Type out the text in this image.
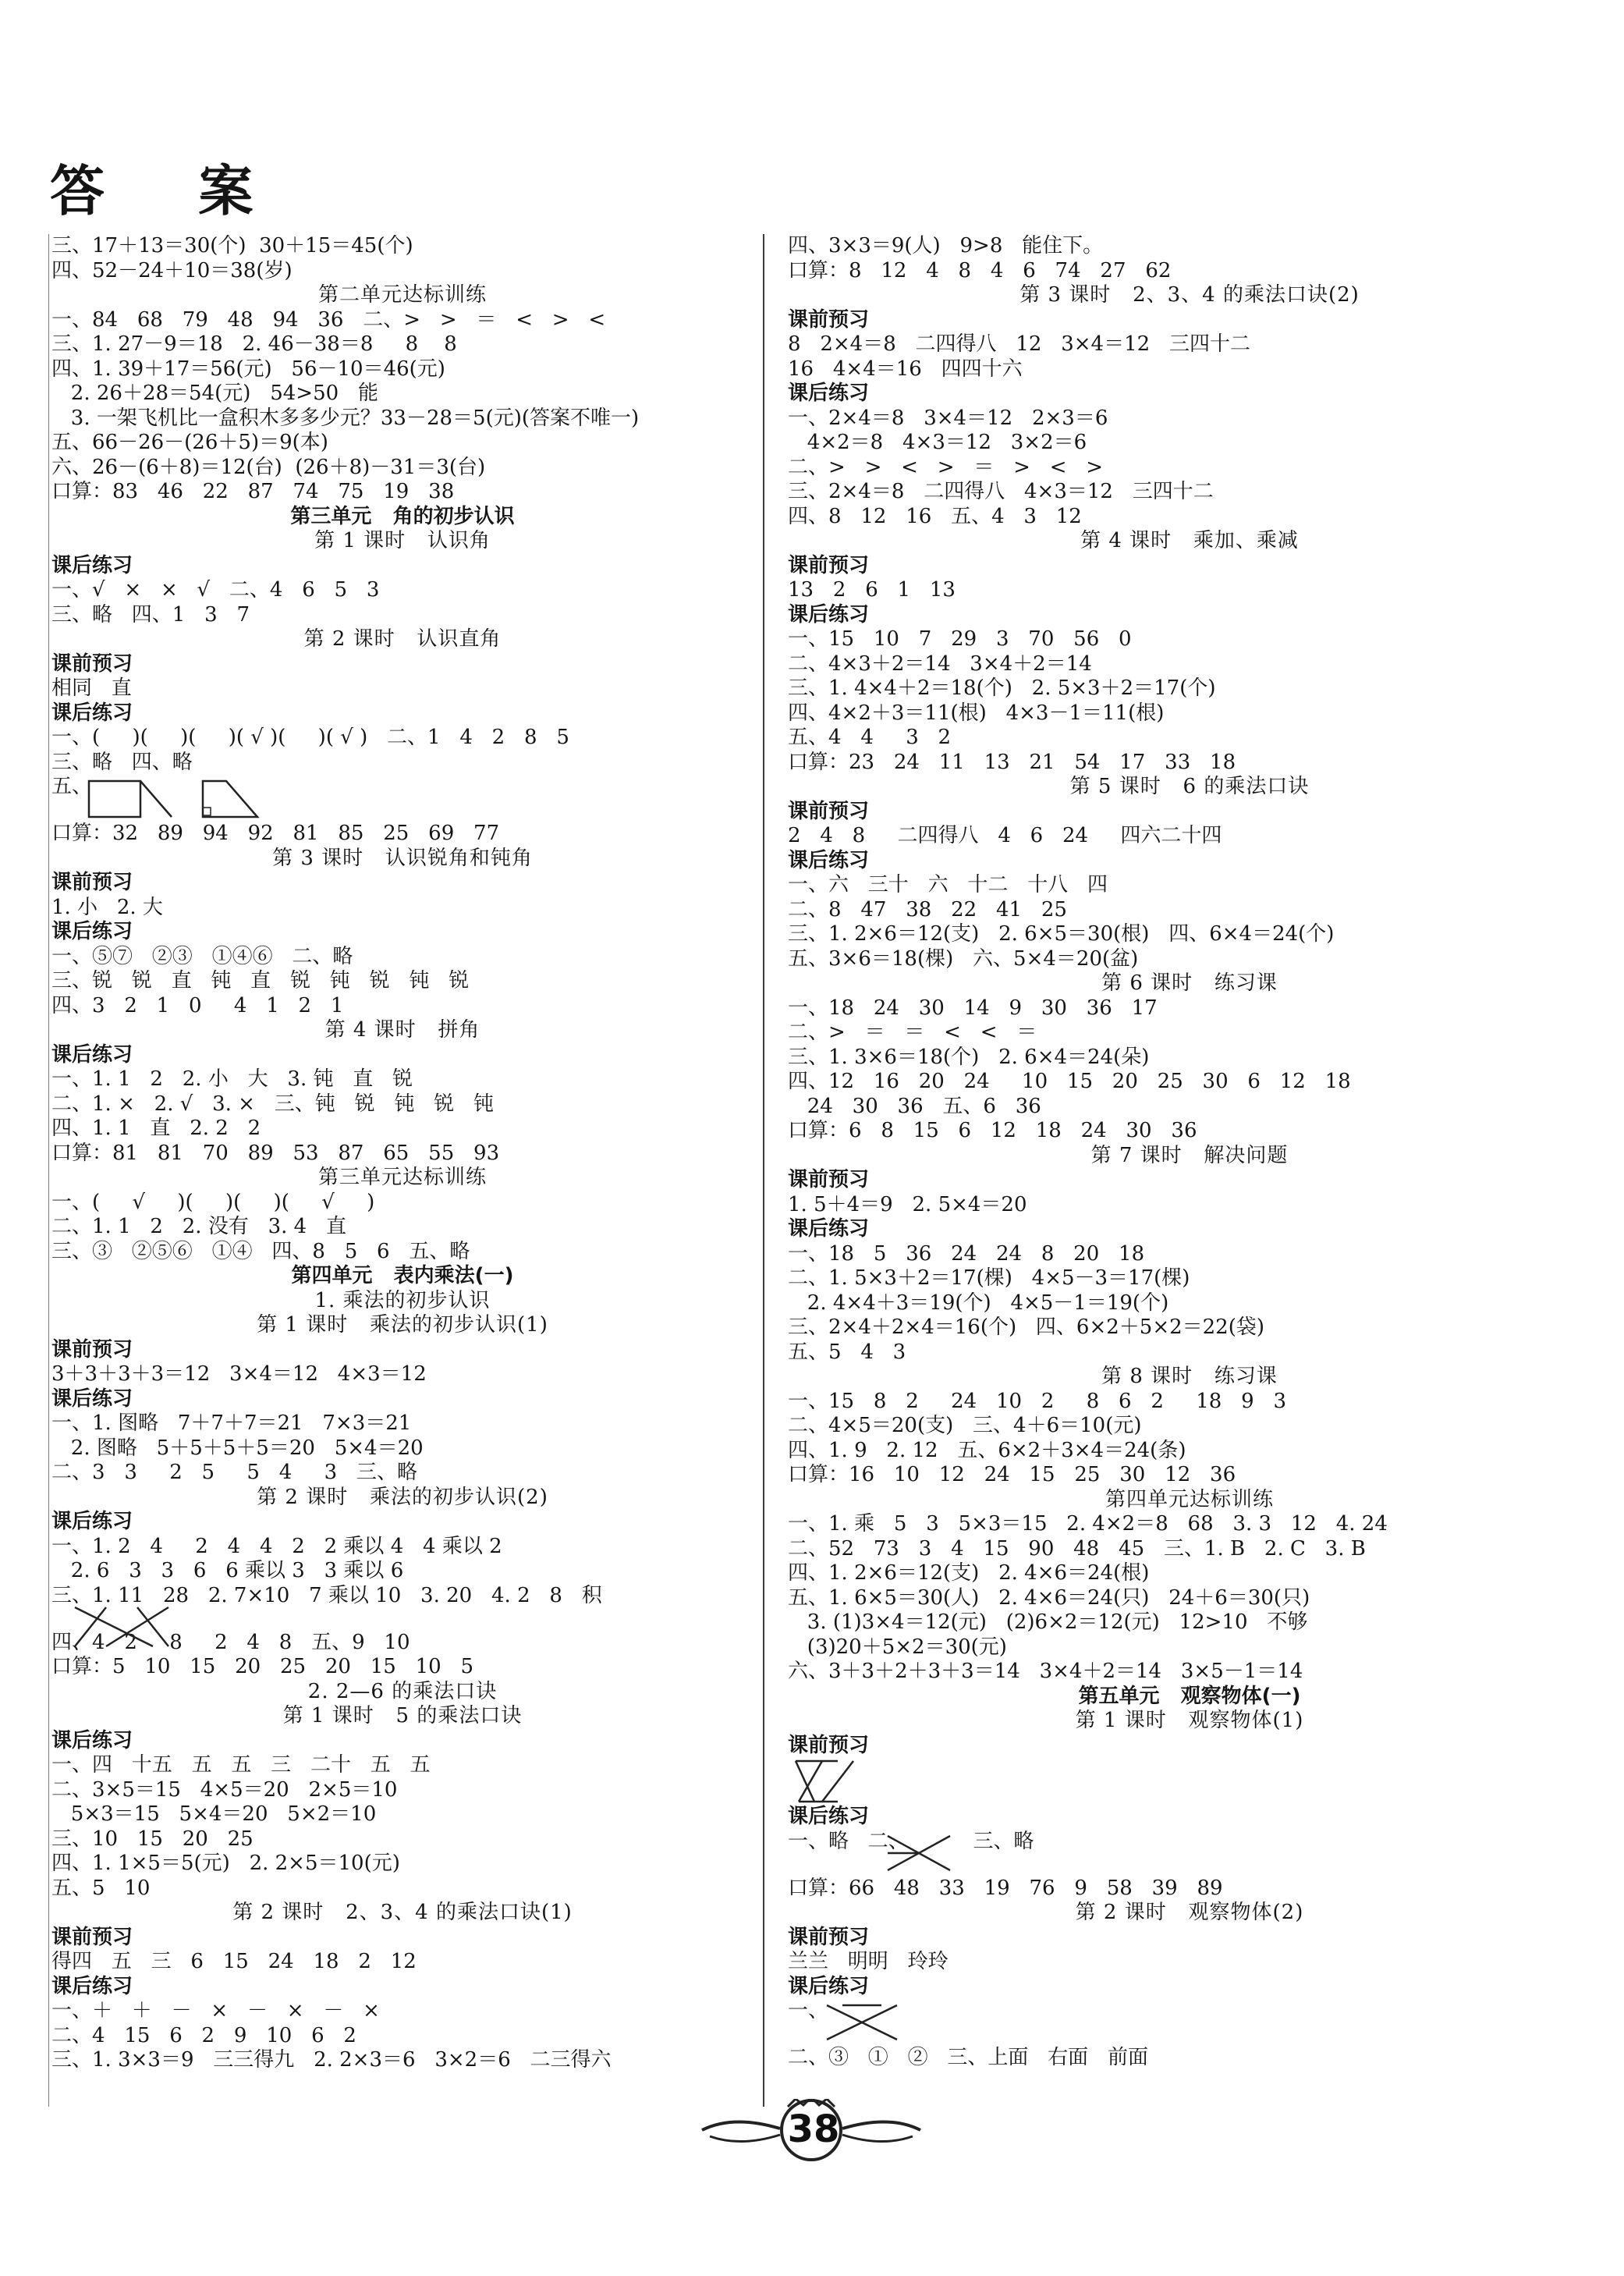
答 案
三、17＋13＝30(个)  30＋15＝45(个)
四、52－24＋10＝38(岁)
第二单元达标训练
一、84   68   79   48   94   36   二、>   >   ＝   <   >   <
三、1. 27－9＝18   2. 46－38＝8     8    8
四、1. 39＋17＝56(元)   56－10＝46(元)
2. 26＋28＝54(元)   54>50   能
3. 一架飞机比一盒积木多多少元？33－28＝5(元)(答案不唯一)
五、66－26－(26＋5)＝9(本)
六、26－(6＋8)＝12(台)  (26＋8)－31＝3(台)
口算：83   46   22   87   74   75   19   38
第三单元   角的初步认识
第 1 课时   认识角
课后练习
一、√   ×   ×   √   二、4   6   5   3
三、略   四、1   3   7
第 2 课时   认识直角
课前预习
相同   直
课后练习
一、(     )(     )(     )( √ )(     )( √ )   二、1   4   2   8   5
三、略   四、略
五、
口算：32   89   94   92   81   85   25   69   77
第 3 课时   认识锐角和钝角
课前预习
1. 小   2. 大
课后练习
一、⑤⑦   ②③   ①④⑥   二、略
三、锐   锐   直   钝   直   锐   钝   锐   钝   锐
四、3   2   1   0     4   1   2   1
第 4 课时   拼角
课后练习
一、1. 1   2   2. 小   大   3. 钝   直   锐
二、1. ×   2. √   3. ×   三、钝   锐   钝   锐   钝
四、1. 1   直   2. 2   2
口算：81   81   70   89   53   87   65   55   93
第三单元达标训练
一、(     √     )(     )(     )(     √     )
二、1. 1   2   2. 没有   3. 4   直
三、③   ②⑤⑥   ①④   四、8   5   6   五、略
第四单元   表内乘法(一)
1. 乘法的初步认识
第 1 课时   乘法的初步认识(1)
课前预习
3＋3＋3＋3＝12   3×4＝12   4×3＝12
课后练习
一、1. 图略   7＋7＋7＝21   7×3＝21
2. 图略   5＋5＋5＋5＝20   5×4＝20
二、3   3     2   5     5   4     3   三、略
第 2 课时   乘法的初步认识(2)
课后练习
一、1. 2   4     2   4   4   2   2 乘以 4   4 乘以 2
2. 6   3   3   6   6 乘以 3   3 乘以 6
三、1. 11   28   2. 7×10   7 乘以 10   3. 20   4. 2   8   积
四、4   2     8     2   4   8   五、9   10
口算：5   10   15   20   25   20   15   10   5
2. 2—6 的乘法口诀
第 1 课时   5 的乘法口诀
课后练习
一、四   十五   五   五   三   二十   五   五
二、3×5＝15   4×5＝20   2×5＝10
5×3＝15   5×4＝20   5×2＝10
三、10   15   20   25
四、1. 1×5＝5(元)   2. 2×5＝10(元)
五、5   10
第 2 课时   2、3、4 的乘法口诀(1)
课前预习
得四   五   三   6   15   24   18   2   12
课后练习
一、＋   ＋   －   ×   －   ×   －   ×
二、4   15   6   2   9   10   6   2
三、1. 3×3＝9   三三得九   2. 2×3＝6   3×2＝6   二三得六
四、3×3＝9(人)   9>8   能住下。
口算：8   12   4   8   4   6   74   27   62
第 3 课时   2、3、4 的乘法口诀(2)
课前预习
8   2×4＝8   二四得八   12   3×4＝12   三四十二
16   4×4＝16   四四十六
课后练习
一、2×4＝8   3×4＝12   2×3＝6
4×2＝8   4×3＝12   3×2＝6
二、>   >   <   >   ＝   >   <   >
三、2×4＝8   二四得八   4×3＝12   三四十二
四、8   12   16   五、4   3   12
第 4 课时   乘加、乘减
课前预习
13   2   6   1   13
课后练习
一、15   10   7   29   3   70   56   0
二、4×3＋2＝14   3×4＋2＝14
三、1. 4×4＋2＝18(个)   2. 5×3＋2＝17(个)
四、4×2＋3＝11(根)   4×3－1＝11(根)
五、4   4     3   2
口算：23   24   11   13   21   54   17   33   18
第 5 课时   6 的乘法口诀
课前预习
2   4   8     二四得八   4   6   24     四六二十四
课后练习
一、六   三十   六   十二   十八   四
二、8   47   38   22   41   25
三、1. 2×6＝12(支)   2. 6×5＝30(根)   四、6×4＝24(个)
五、3×6＝18(棵)   六、5×4＝20(盆)
第 6 课时   练习课
一、18   24   30   14   9   30   36   17
二、>   ＝   ＝   <   <   ＝
三、1. 3×6＝18(个)   2. 6×4＝24(朵)
四、12   16   20   24     10   15   20   25   30   6   12   18
24   30   36   五、6   36
口算：6   8   15   6   12   18   24   30   36
第 7 课时   解决问题
课前预习
1. 5＋4＝9   2. 5×4＝20
课后练习
一、18   5   36   24   24   8   20   18
二、1. 5×3＋2＝17(棵)   4×5－3＝17(棵)
2. 4×4＋3＝19(个)   4×5－1＝19(个)
三、2×4＋2×4＝16(个)   四、6×2＋5×2＝22(袋)
五、5   4   3
第 8 课时   练习课
一、15   8   2     24   10   2     8   6   2     18   9   3
二、4×5＝20(支)   三、4＋6＝10(元)
四、1. 9   2. 12   五、6×2＋3×4＝24(条)
口算：16   10   12   24   15   25   30   12   36
第四单元达标训练
一、1. 乘   5   3   5×3＝15   2. 4×2＝8   68   3. 3   12   4. 24
二、52   73   3   4   15   90   48   45   三、1. B   2. C   3. B
四、1. 2×6＝12(支)   2. 4×6＝24(根)
五、1. 6×5＝30(人)   2. 4×6＝24(只)   24＋6＝30(只)
3. (1)3×4＝12(元)   (2)6×2＝12(元)   12>10   不够
(3)20＋5×2＝30(元)
六、3＋3＋2＋3＋3＝14   3×4＋2＝14   3×5－1＝14
第五单元   观察物体(一)
第 1 课时   观察物体(1)
课前预习
课后练习
一、略   二、          三、略
口算：66   48   33   19   76   9   58   39   89
第 2 课时   观察物体(2)
课前预习
兰兰   明明   玲玲
课后练习
一、
二、③   ①   ②   三、上面   右面   前面
38
